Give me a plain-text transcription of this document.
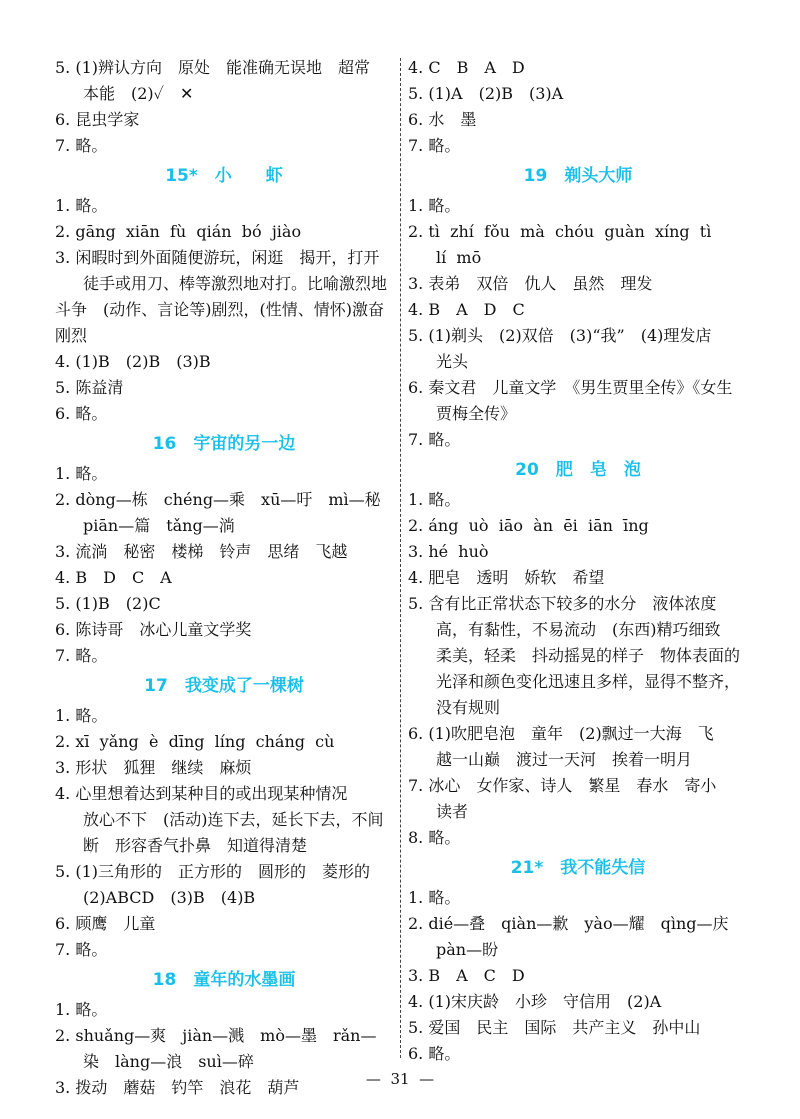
5. (1)辨认方向　原处　能准确无误地　超常
本能　(2)✓　✕
6. 昆虫学家
7. 略。
15*　小　　虾
1. 略。
2. gāng  xiān  fù  qián  bó  jiào
3. 闲暇时到外面随便游玩，闲逛　揭开，打开
徒手或用刀、棒等激烈地对打。比喻激烈地
斗争　(动作、言论等)剧烈，(性情、情怀)激奋
刚烈
4. (1)B　(2)B　(3)B
5. 陈益清
6. 略。
16　宇宙的另一边
1. 略。
2. dòng—栋　chéng—乘　xū—吁　mì—秘
piān—篇　tǎng—淌
3. 流淌　秘密　楼梯　铃声　思绪　飞越
4. B　D　C　A
5. (1)B　(2)C
6. 陈诗哥　冰心儿童文学奖
7. 略。
17　我变成了一棵树
1. 略。
2. xī  yǎng  è  dīng  líng  cháng  cù
3. 形状　狐狸　继续　麻烦
4. 心里想着达到某种目的或出现某种情况
放心不下　(活动)连下去，延长下去，不间
断　形容香气扑鼻　知道得清楚
5. (1)三角形的　正方形的　圆形的　菱形的
(2)ABCD　(3)B　(4)B
6. 顾鹰　儿童
7. 略。
18　童年的水墨画
1. 略。
2. shuǎng—爽　jiàn—溅　mò—墨　rǎn—
染　làng—浪　suì—碎
3. 拨动　蘑菇　钓竿　浪花　葫芦
4. C　B　A　D
5. (1)A　(2)B　(3)A
6. 水　墨
7. 略。
19　剃头大师
1. 略。
2. tì  zhí  fǒu  mà  chóu  guàn  xíng  tì
lí  mō
3. 表弟　双倍　仇人　虽然　理发
4. B　A　D　C
5. (1)剃头　(2)双倍　(3)“我”　(4)理发店
光头
6. 秦文君　儿童文学　《男生贾里全传》《女生
贾梅全传》
7. 略。
20　肥　皂　泡
1. 略。
2. áng  uò  iāo  àn  ēi  iān  īng
3. hé  huò
4. 肥皂　透明　娇软　希望
5. 含有比正常状态下较多的水分　液体浓度
高，有黏性，不易流动　(东西)精巧细致
柔美，轻柔　抖动摇晃的样子　物体表面的
光泽和颜色变化迅速且多样，显得不整齐，
没有规则
6. (1)吹肥皂泡　童年　(2)飘过一大海　飞
越一山巅　渡过一天河　挨着一明月
7. 冰心　女作家、诗人　繁星　春水　寄小
读者
8. 略。
21*　我不能失信
1. 略。
2. dié—叠　qiàn—歉　yào—耀　qìng—庆
pàn—盼
3. B　A　C　D
4. (1)宋庆龄　小珍　守信用　(2)A
5. 爱国　民主　国际　共产主义　孙中山
6. 略。
—  31  —
